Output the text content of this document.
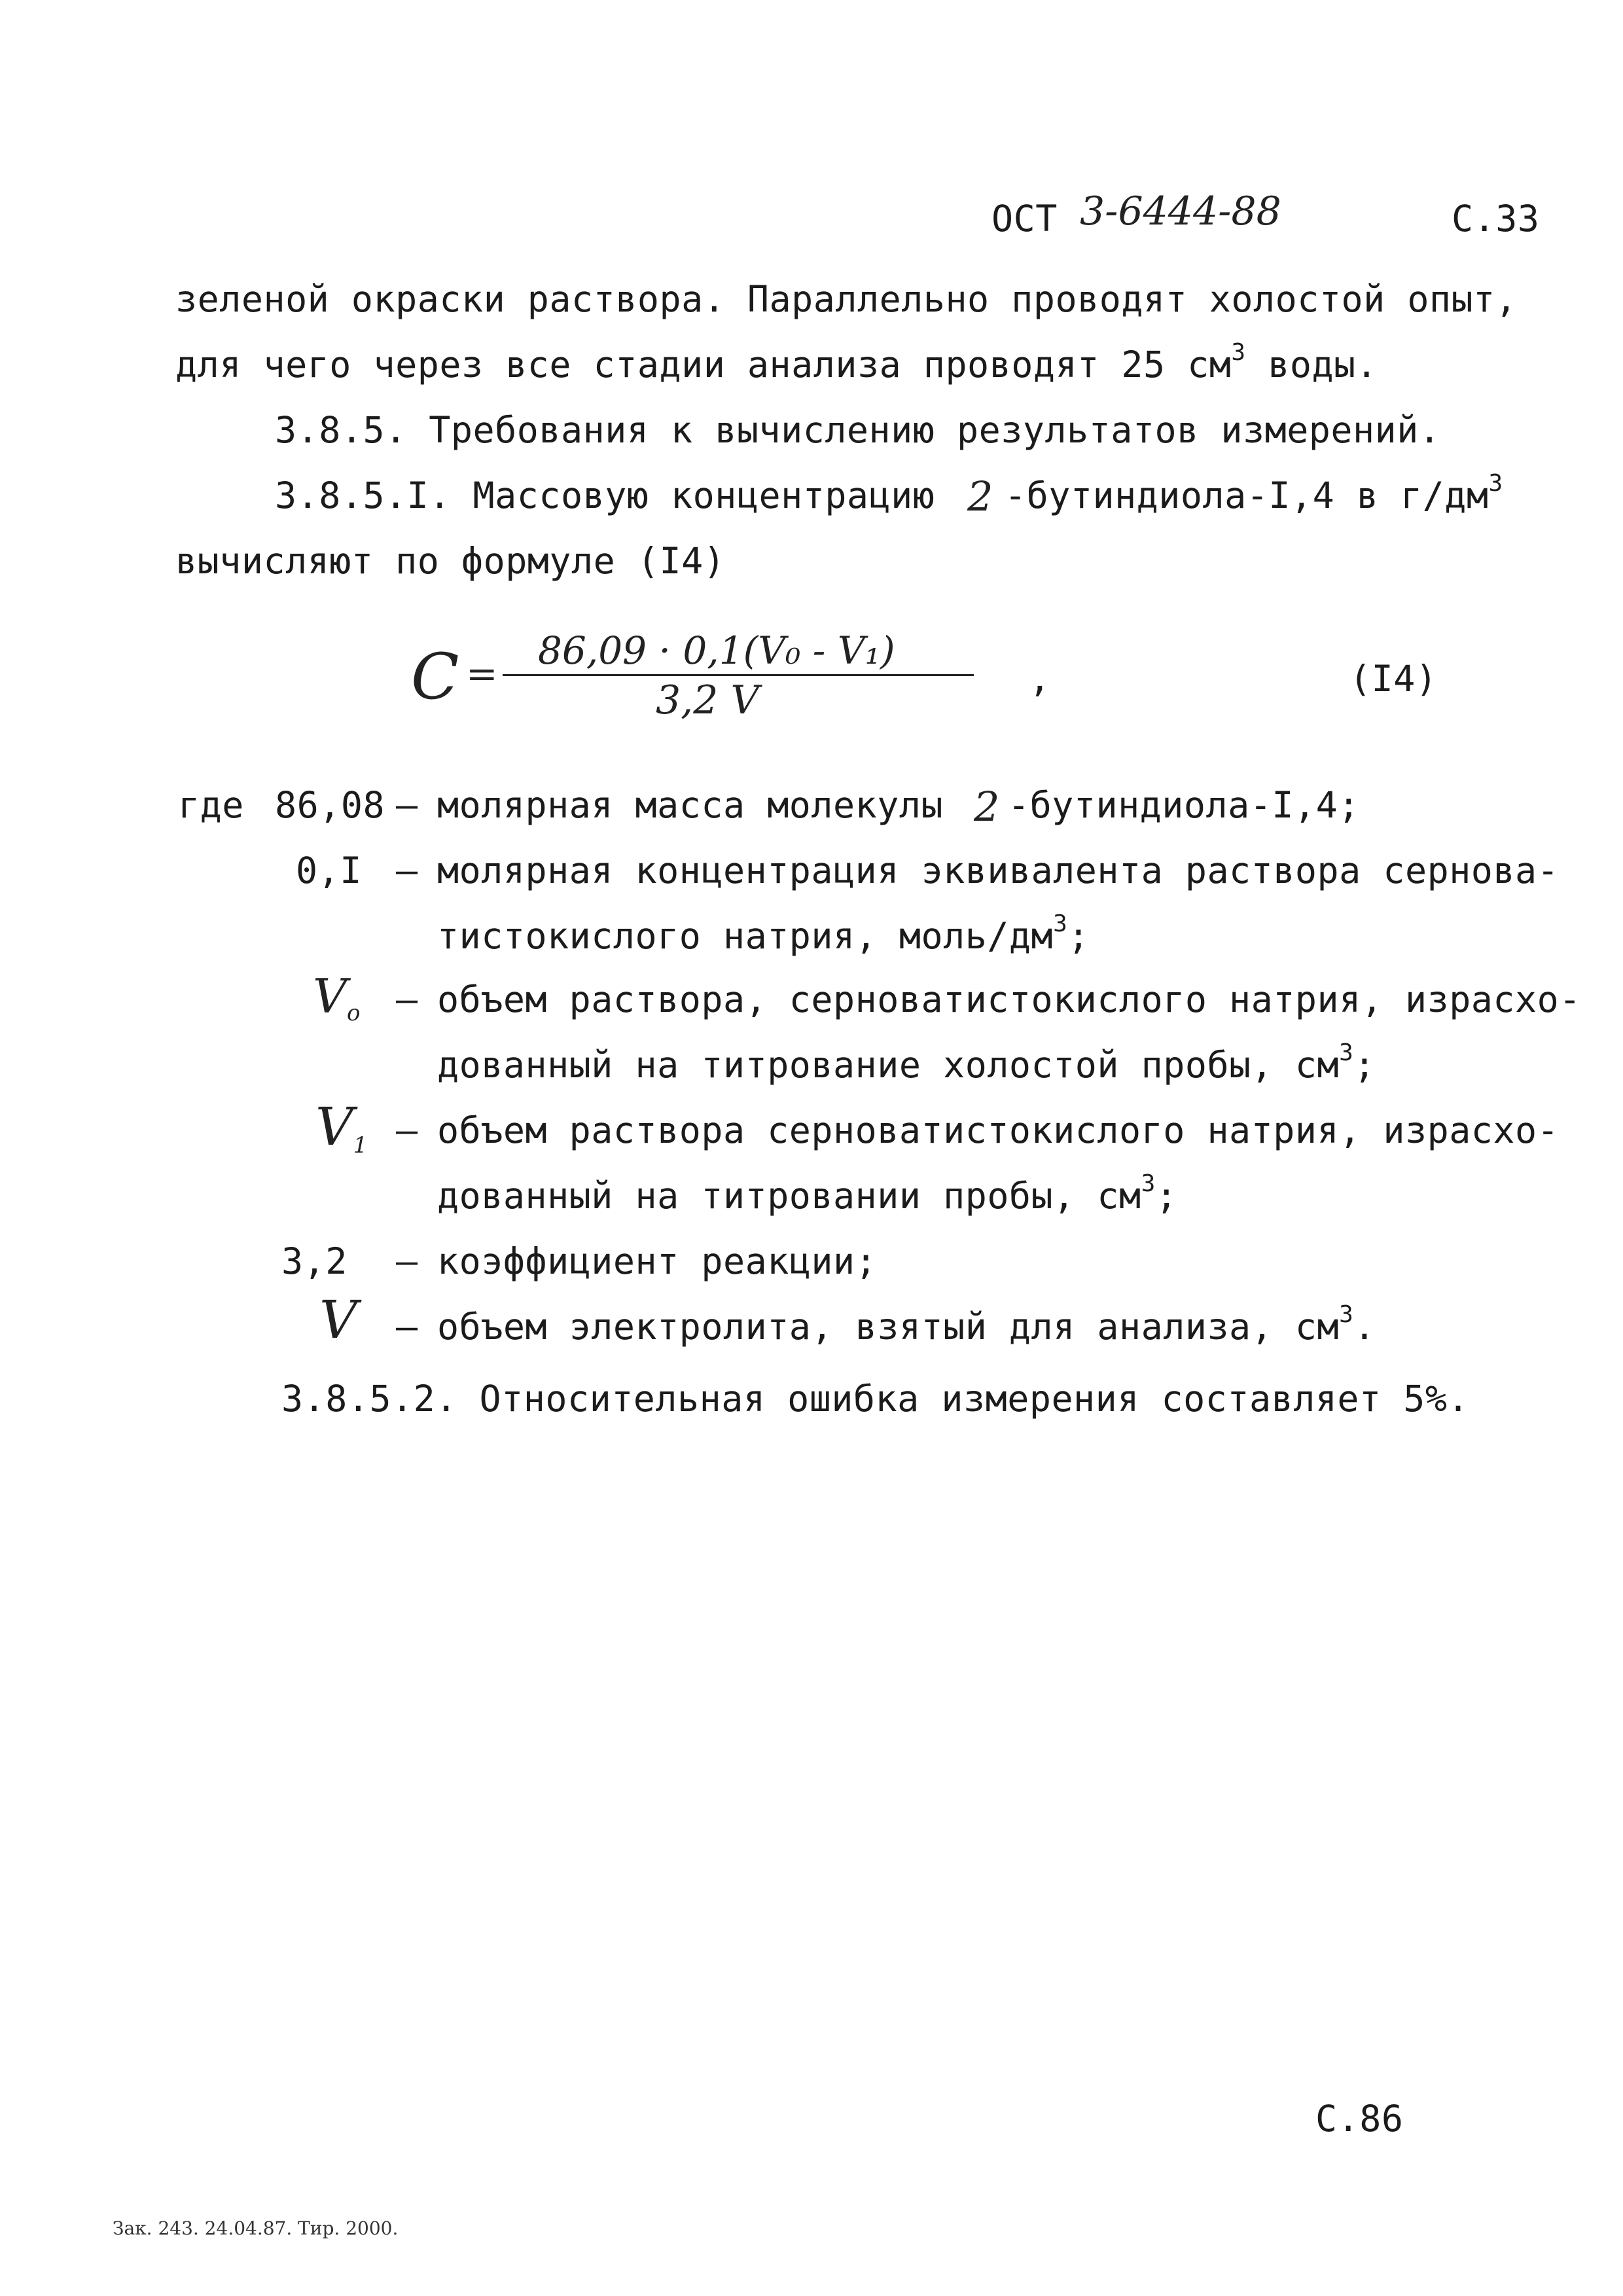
ОСТ 3-6444-88	С.33
зеленой окраски раствора. Параллельно проводят холостой опыт,
для чего через все стадии анализа проводят 25 $см^3$ воды.
3.8.5. Требования к вычислению результатов измерений.
3.8.5.I. Массовую концентрацию 2 -бутиндиола-I,4 в $г/дм^3$
вычисляют по формуле (I4)
C =
86,09 · 0,1(V₀ - V₁)
3,2 V	,	(I4)
где 86,08 – молярная масса молекулы 2 -бутиндиола-I,4;
0,I – молярная концентрация эквивалента раствора сернова-
тистокислого натрия, моль/$дм^3$;
Vo – объем раствора, серноватистокислого натрия, израсхо-
дованный на титрование холостой пробы, $см^3$;
V1 – объем раствора серноватистокислого натрия, израсхо-
дованный на титровании пробы, $см^3$;
3,2 – коэффициент реакции;
V – объем электролита, взятый для анализа, $см^3$.
3.8.5.2. Относительная ошибка измерения составляет 5%.
С.86
Зак. 243. 24.04.87. Тир. 2000.
